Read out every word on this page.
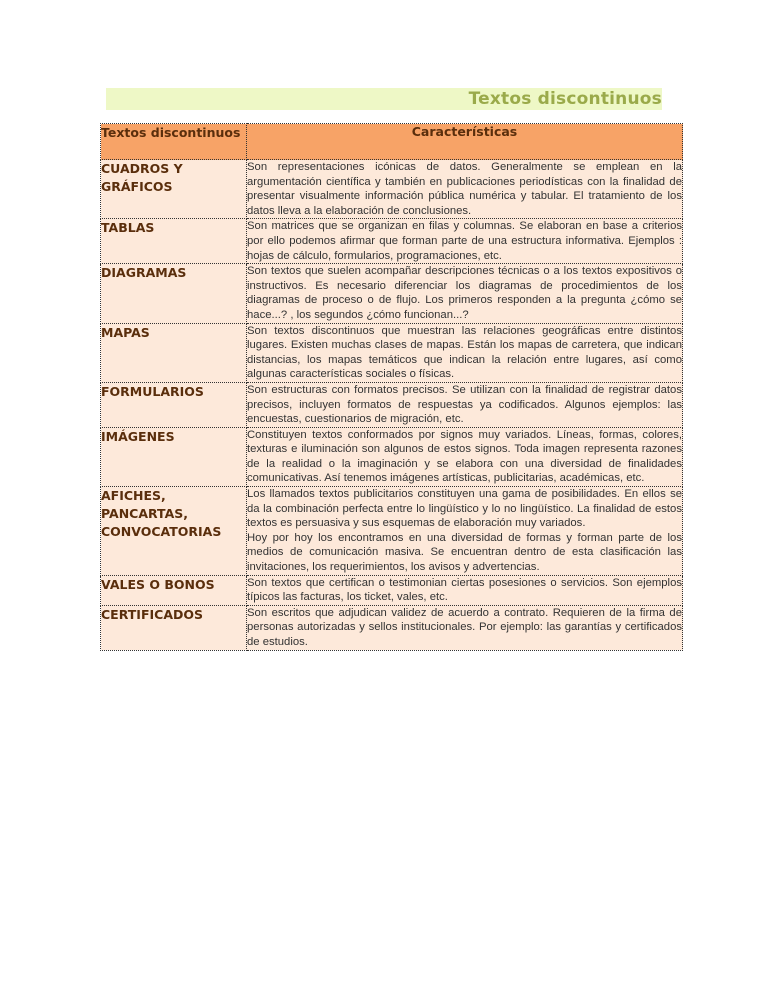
Textos discontinuos
Textos discontinuos	Características
CUADROS Y GRÁFICOS	Son representaciones icónicas de datos. Generalmente se emplean en la argumentación científica y también en publicaciones periodísticas con la finalidad de presentar visualmente información pública numérica y tabular. El tratamiento de los datos lleva a la elaboración de conclusiones.

TABLAS	Son matrices que se organizan en filas y columnas. Se elaboran en base a criterios por ello podemos afirmar que forman parte de una estructura informativa. Ejemplos : hojas de cálculo, formularios, programaciones, etc.

DIAGRAMAS	Son textos que suelen acompañar descripciones técnicas o a los textos expositivos o instructivos. Es necesario diferenciar los diagramas de procedimientos de los diagramas de proceso o de flujo. Los primeros responden a la pregunta ¿cómo se hace...? , los segundos ¿cómo funcionan...?

MAPAS	Son textos discontinuos que muestran las relaciones geográficas entre distintos lugares. Existen muchas clases de mapas. Están los mapas de carretera, que indican distancias, los mapas temáticos que indican la relación entre lugares, así como algunas características sociales o físicas.

FORMULARIOS	Son estructuras con formatos precisos. Se utilizan con la finalidad de registrar datos precisos, incluyen formatos de respuestas ya codificados. Algunos ejemplos: las encuestas, cuestionarios de migración, etc.

IMÁGENES	Constituyen textos conformados por signos muy variados. Líneas, formas, colores, texturas e iluminación son algunos de estos signos. Toda imagen representa razones de la realidad o la imaginación y se elabora con una diversidad de finalidades comunicativas. Así tenemos imágenes artísticas, publicitarias, académicas, etc.

AFICHES, PANCARTAS, CONVOCATORIAS	Los llamados textos publicitarios constituyen una gama de posibilidades. En ellos se da la combinación perfecta entre lo lingüístico y lo no lingüístico. La finalidad de estos textos es persuasiva y sus esquemas de elaboración muy variados.
Hoy por hoy los encontramos en una diversidad de formas y forman parte de los medios de comunicación masiva. Se encuentran dentro de esta clasificación las invitaciones, los requerimientos, los avisos y advertencias.

VALES O BONOS	Son textos que certifican o testimonian ciertas posesiones o servicios. Son ejemplos típicos las facturas, los ticket, vales, etc.

CERTIFICADOS	Son escritos que adjudican validez de acuerdo a contrato. Requieren de la firma de personas autorizadas y sellos institucionales. Por ejemplo: las garantías y certificados de estudios.
